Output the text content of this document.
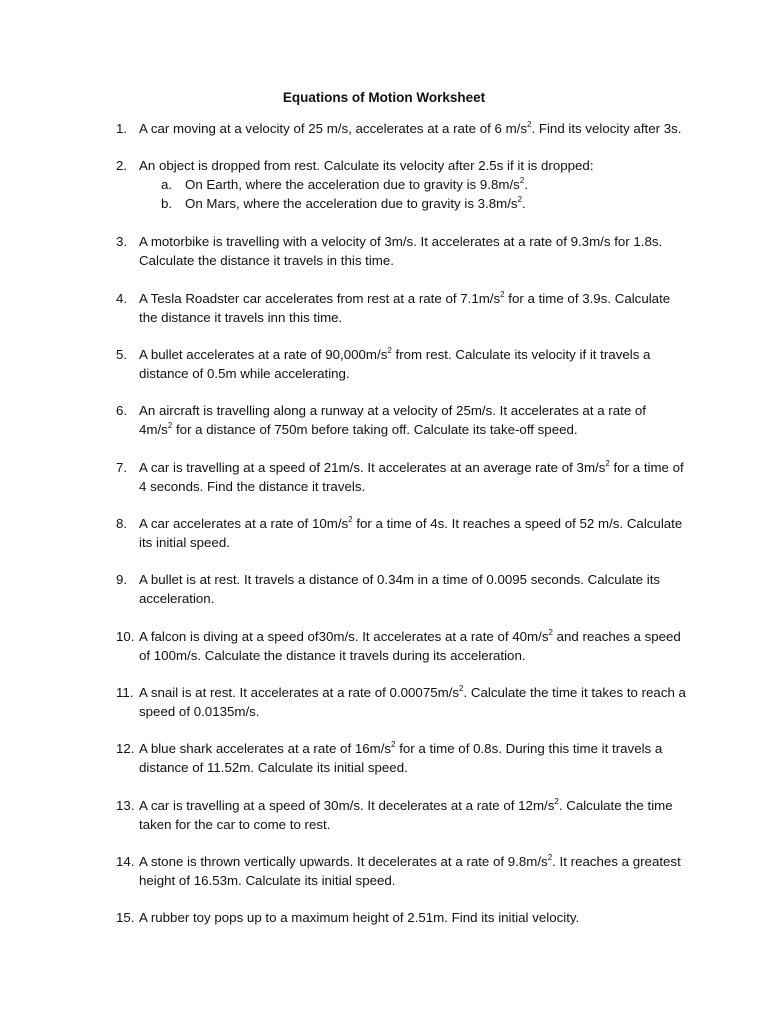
Equations of Motion Worksheet
1. A car moving at a velocity of 25 m/s, accelerates at a rate of 6 $m/s^2$. Find its velocity after 3s.
2. An object is dropped from rest. Calculate its velocity after 2.5s if it is dropped:
a. On Earth, where the acceleration due to gravity is $9.8m/s^2$.
b. On Mars, where the acceleration due to gravity is $3.8m/s^2$.
3. A motorbike is travelling with a velocity of 3m/s. It accelerates at a rate of 9.3m/s for 1.8s.
Calculate the distance it travels in this time.
4. A Tesla Roadster car accelerates from rest at a rate of $7.1m/s^2$ for a time of 3.9s. Calculate
the distance it travels inn this time.
5. A bullet accelerates at a rate of $90,000m/s^2$ from rest. Calculate its velocity if it travels a
distance of 0.5m while accelerating.
6. An aircraft is travelling along a runway at a velocity of 25m/s. It accelerates at a rate of
$4m/s^2$ for a distance of 750m before taking off. Calculate its take-off speed.
7. A car is travelling at a speed of 21m/s. It accelerates at an average rate of $3m/s^2$ for a time of
4 seconds. Find the distance it travels.
8. A car accelerates at a rate of $10m/s^2$ for a time of 4s. It reaches a speed of 52 m/s. Calculate
its initial speed.
9. A bullet is at rest. It travels a distance of 0.34m in a time of 0.0095 seconds. Calculate its
acceleration.
10. A falcon is diving at a speed of30m/s. It accelerates at a rate of $40m/s^2$ and reaches a speed
of 100m/s. Calculate the distance it travels during its acceleration.
11. A snail is at rest. It accelerates at a rate of $0.00075m/s^2$. Calculate the time it takes to reach a
speed of 0.0135m/s.
12. A blue shark accelerates at a rate of $16m/s^2$ for a time of 0.8s. During this time it travels a
distance of 11.52m. Calculate its initial speed.
13. A car is travelling at a speed of 30m/s. It decelerates at a rate of $12m/s^2$. Calculate the time
taken for the car to come to rest.
14. A stone is thrown vertically upwards. It decelerates at a rate of $9.8m/s^2$. It reaches a greatest
height of 16.53m. Calculate its initial speed.
15. A rubber toy pops up to a maximum height of 2.51m. Find its initial velocity.
